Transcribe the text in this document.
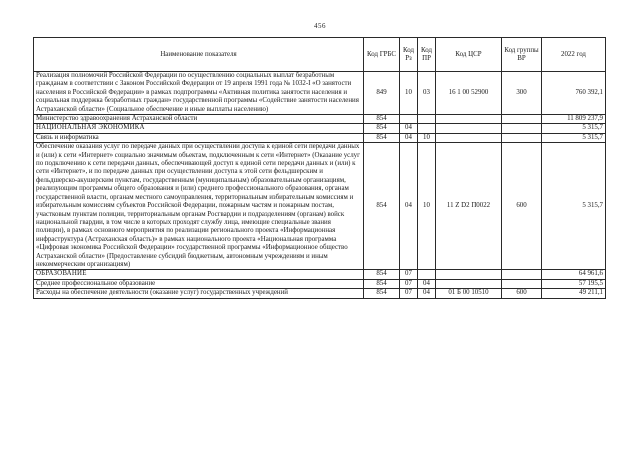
456
Наименование показателя	Код ГРБС	Код Рз	Код ПР	Код ЦСР	Код группы ВР	2022 год
Реализация полномочий Российской Федерации по осуществлению социальных выплат безработным гражданам в соответствии с Законом Российской Федерации от 19 апреля 1991 года № 1032-I «О занятости населения в Российской Федерации» в рамках подпрограммы «Активная политика занятости населения и социальная поддержка безработных граждан» государственной программы «Содействие занятости населения Астраханской области» (Социальное обеспечение и иные выплаты населению)	849	10	03	16 1 00 52900	300	760 392,1
Министерство здравоохранения Астраханской области	854					11 809 237,9
НАЦИОНАЛЬНАЯ ЭКОНОМИКА	854	04				5 315,7
Связь и информатика	854	04	10			5 315,7
Обеспечение оказания услуг по передаче данных при осуществлении доступа к единой сети передачи данных и (или) к сети «Интернет» социально значимым объектам, подключенным к сети «Интернет» (Оказание услуг по подключению к сети передачи данных, обеспечивающей доступ к единой сети передачи данных и (или) к сети «Интернет», и по передаче данных при осуществлении доступа к этой сети фельдшерским и фельдшерско-акушерским пунктам, государственным (муниципальным) образовательным организациям, реализующим программы общего образования и (или) среднего профессионального образования, органам государственной власти, органам местного самоуправления, территориальным избирательным комиссиям и избирательным комиссиям субъектов Российской Федерации, пожарным частям и пожарным постам, участковым пунктам полиции, территориальным органам Росгвардии и подразделениям (органам) войск национальной гвардии, в том числе в которых проходят службу лица, имеющие специальные звания полиции), в рамках основного мероприятия по реализации регионального проекта «Информационная инфраструктура (Астраханская область)» в рамках национального проекта «Национальная программа «Цифровая экономика Российской Федерации» государственной программы «Информационное общество Астраханской области» (Предоставление субсидий бюджетным, автономным учреждениям и иным некоммерческим организациям)	854	04	10	11 Z D2 П0022	600	5 315,7
ОБРАЗОВАНИЕ	854	07				64 961,6
Среднее профессиональное образование	854	07	04			57 195,5
Расходы на обеспечение деятельности (оказание услуг) государственных учреждений	854	07	04	01 Б 00 10510	600	49 211,1
